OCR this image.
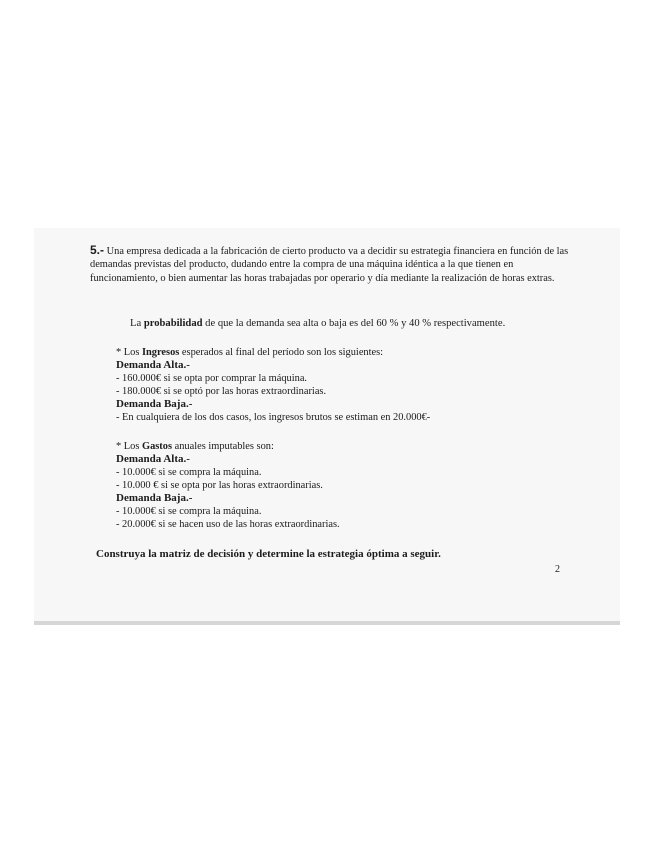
5.- Una empresa dedicada a la fabricación de cierto producto va a decidir su estrategia financiera en función de las demandas previstas del producto, dudando entre la compra de una máquina idéntica a la que tienen en funcionamiento, o bien aumentar las horas trabajadas por operario y día mediante la realización de horas extras.

La probabilidad de que la demanda sea alta o baja es del 60 % y 40 % respectivamente.

* Los Ingresos esperados al final del período son los siguientes:
Demanda Alta.-
- 160.000€ si se opta por comprar la máquina.
- 180.000€ si se optó por las horas extraordinarias.
Demanda Baja.-
- En cualquiera de los dos casos, los ingresos brutos se estiman en 20.000€-
* Los Gastos anuales imputables son:
Demanda Alta.-
- 10.000€ si se compra la máquina.
- 10.000 € si se opta por las horas extraordinarias.
Demanda Baja.-
- 10.000€ si se compra la máquina.
- 20.000€ si se hacen uso de las horas extraordinarias.
Construya la matriz de decisión y determine la estrategia óptima a seguir.
2
